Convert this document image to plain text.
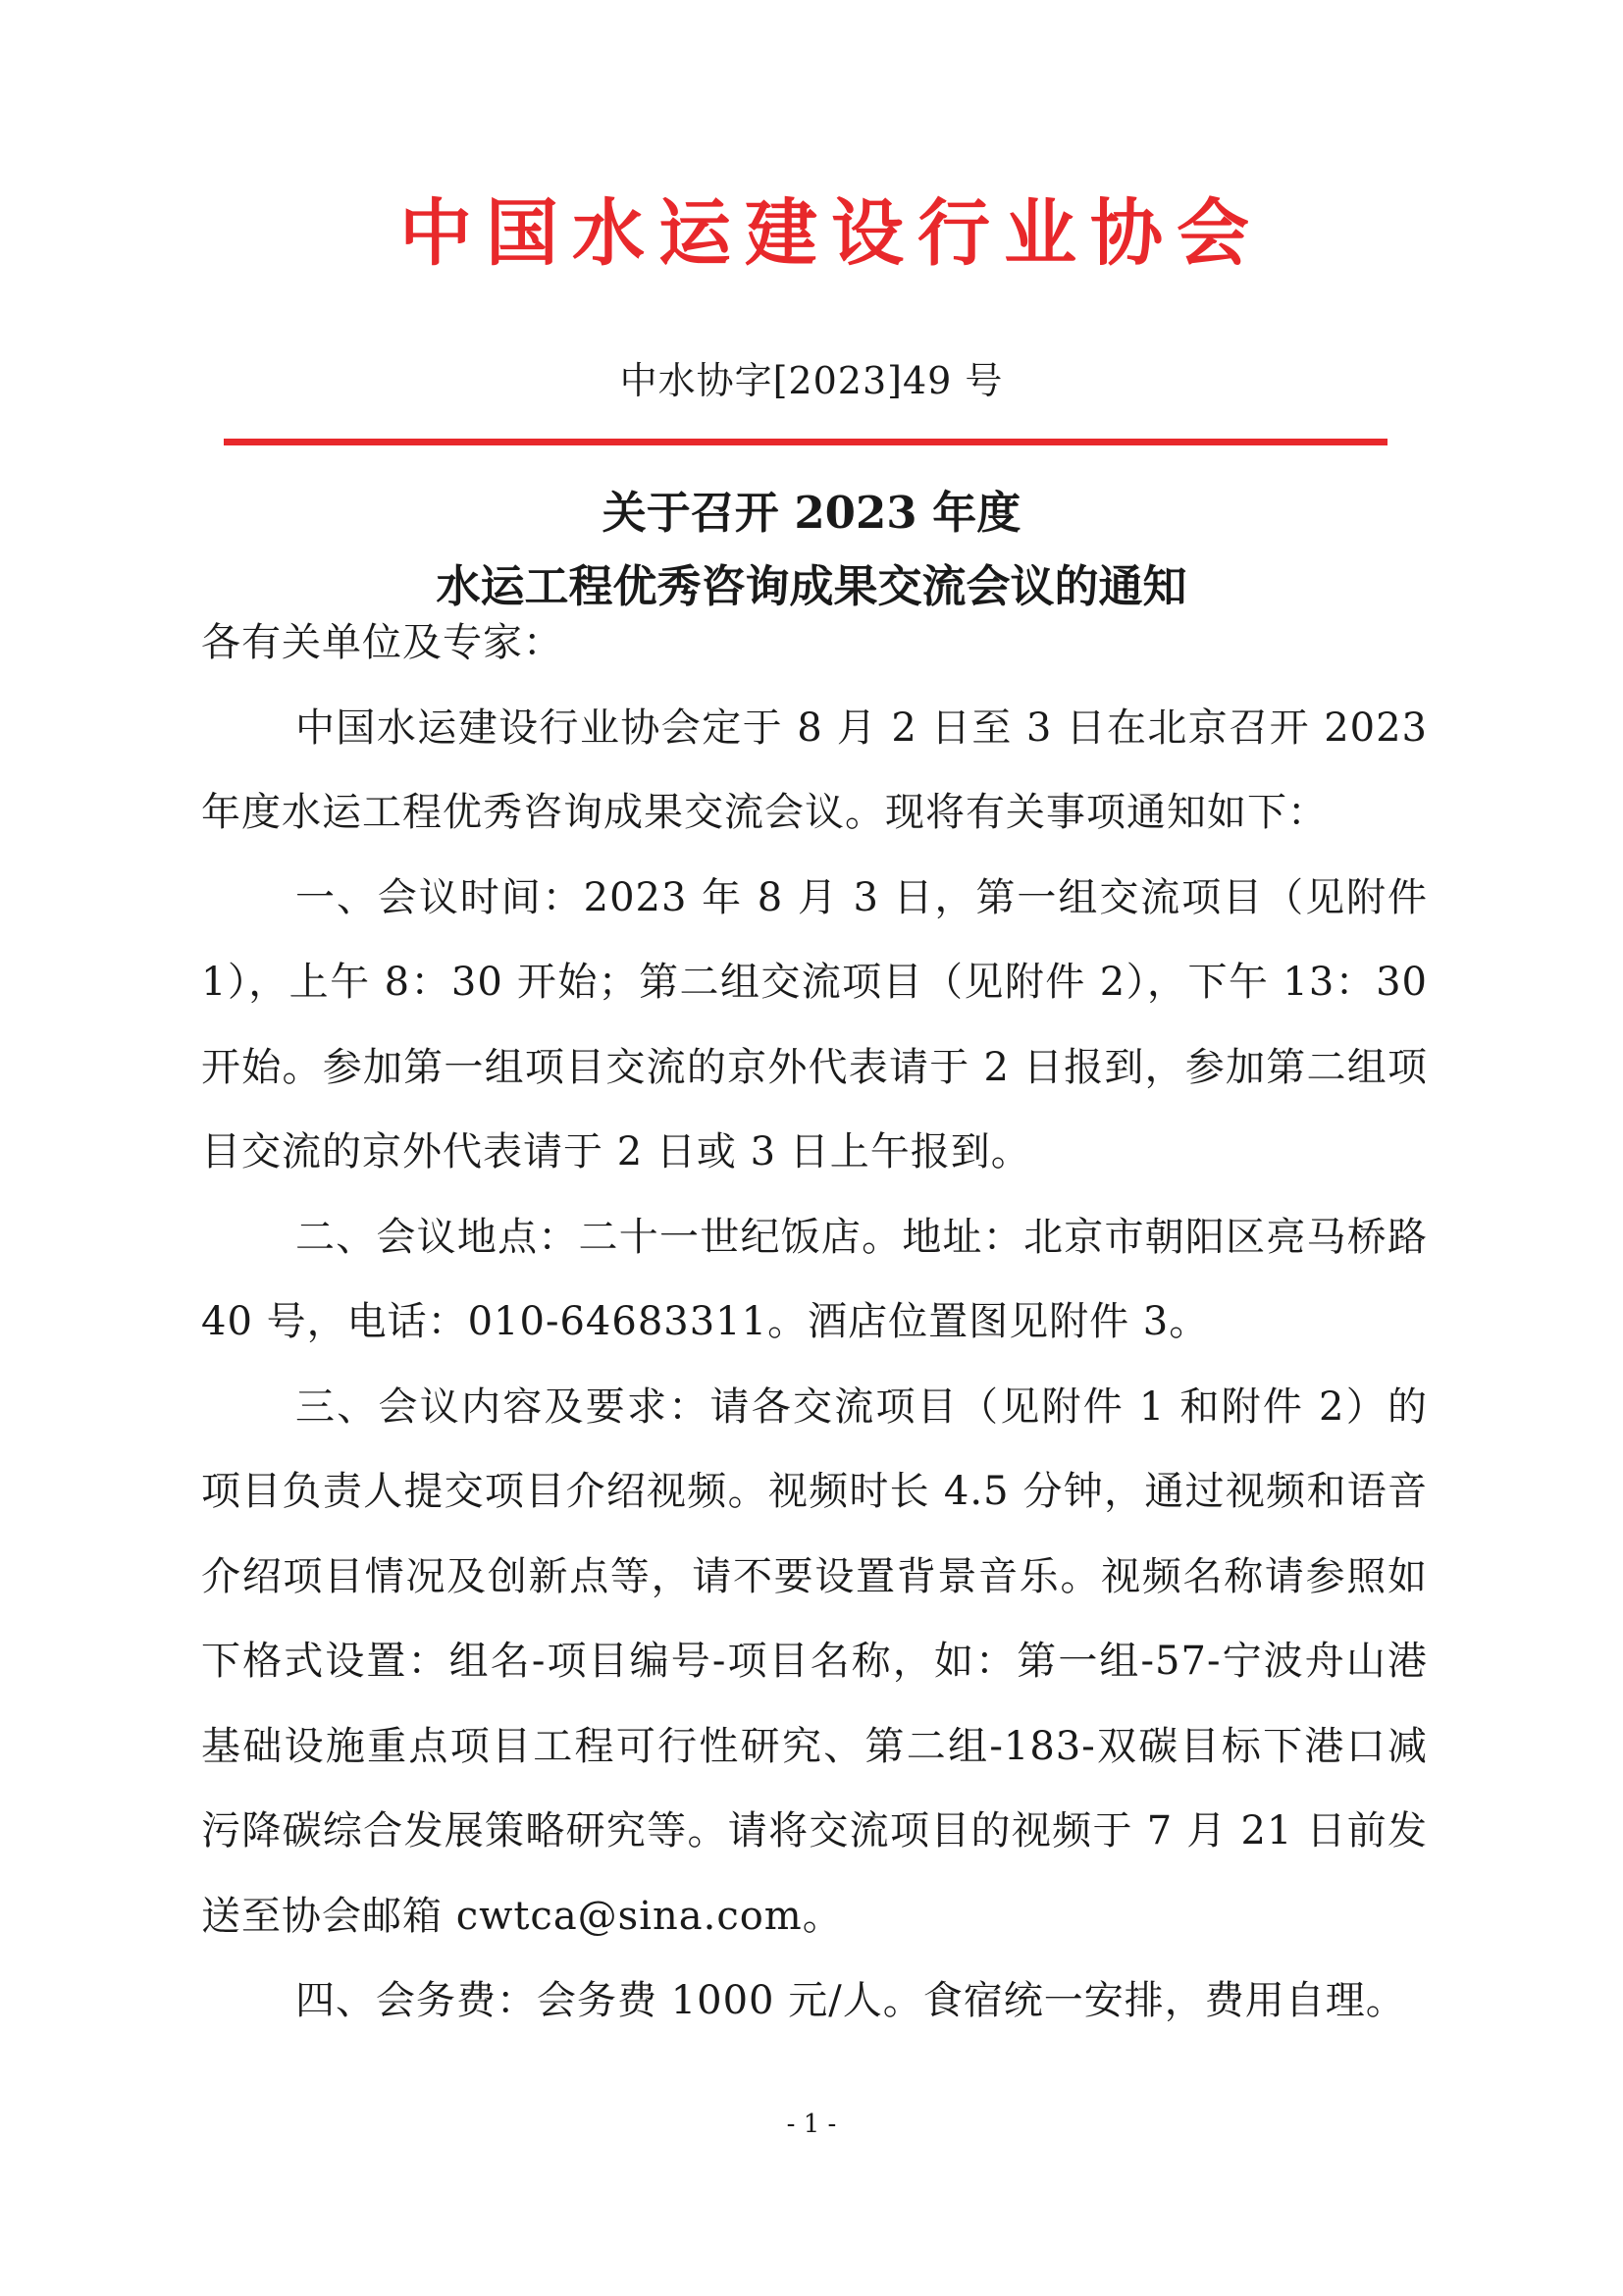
中国水运建设行业协会
中水协字[2023]49 号
关于召开 2023 年度
水运工程优秀咨询成果交流会议的通知

各有关单位及专家：

中国水运建设行业协会定于 8 月 2 日至 3 日在北京召开 2023 年度水运工程优秀咨询成果交流会议。现将有关事项通知如下：

一、会议时间：2023 年 8 月 3 日，第一组交流项目（见附件 1），上午 8：30 开始；第二组交流项目（见附件 2），下午 13：30 开始。参加第一组项目交流的京外代表请于 2 日报到，参加第二组项目交流的京外代表请于 2 日或 3 日上午报到。

二、会议地点：二十一世纪饭店。地址：北京市朝阳区亮马桥路 40 号，电话：010-64683311。酒店位置图见附件 3。

三、会议内容及要求：请各交流项目（见附件 1 和附件 2）的项目负责人提交项目介绍视频。视频时长 4.5 分钟，通过视频和语音介绍项目情况及创新点等，请不要设置背景音乐。视频名称请参照如下格式设置：组名-项目编号-项目名称，如：第一组-57-宁波舟山港基础设施重点项目工程可行性研究、第二组-183-双碳目标下港口减污降碳综合发展策略研究等。请将交流项目的视频于 7 月 21 日前发送至协会邮箱 cwtca@sina.com。

四、会务费：会务费 1000 元/人。食宿统一安排，费用自理。

- 1 -
